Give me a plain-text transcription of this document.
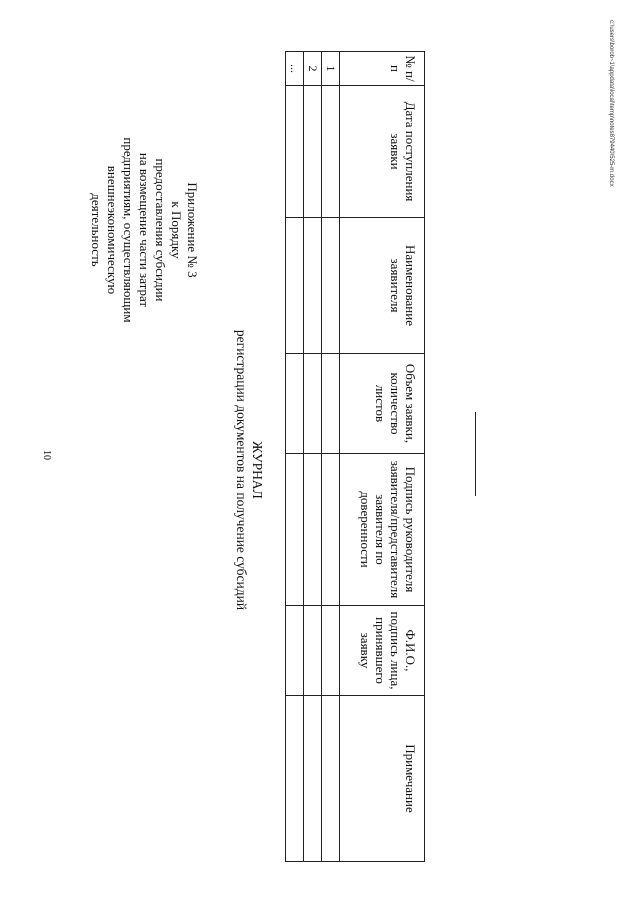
10
Приложение № 3
к Порядку
предоставления субсидии
на возмещение части затрат
предприятиям, осуществляющим
внешнеэкономическую
деятельность
ЖУРНАЛ
регистрации документов на получение субсидий
№ п/п	Дата поступления заявки	Наименование заявителя	Объем заявки, количество листов	Подпись руководителя заявителя/представителя заявителя по доверенности	Ф.И.О., подпись лица, принявшего заявку	Примечание
1						
2						
...							c:\users\borob~1\appdata\local\temp\notes879440\525-m.docx
